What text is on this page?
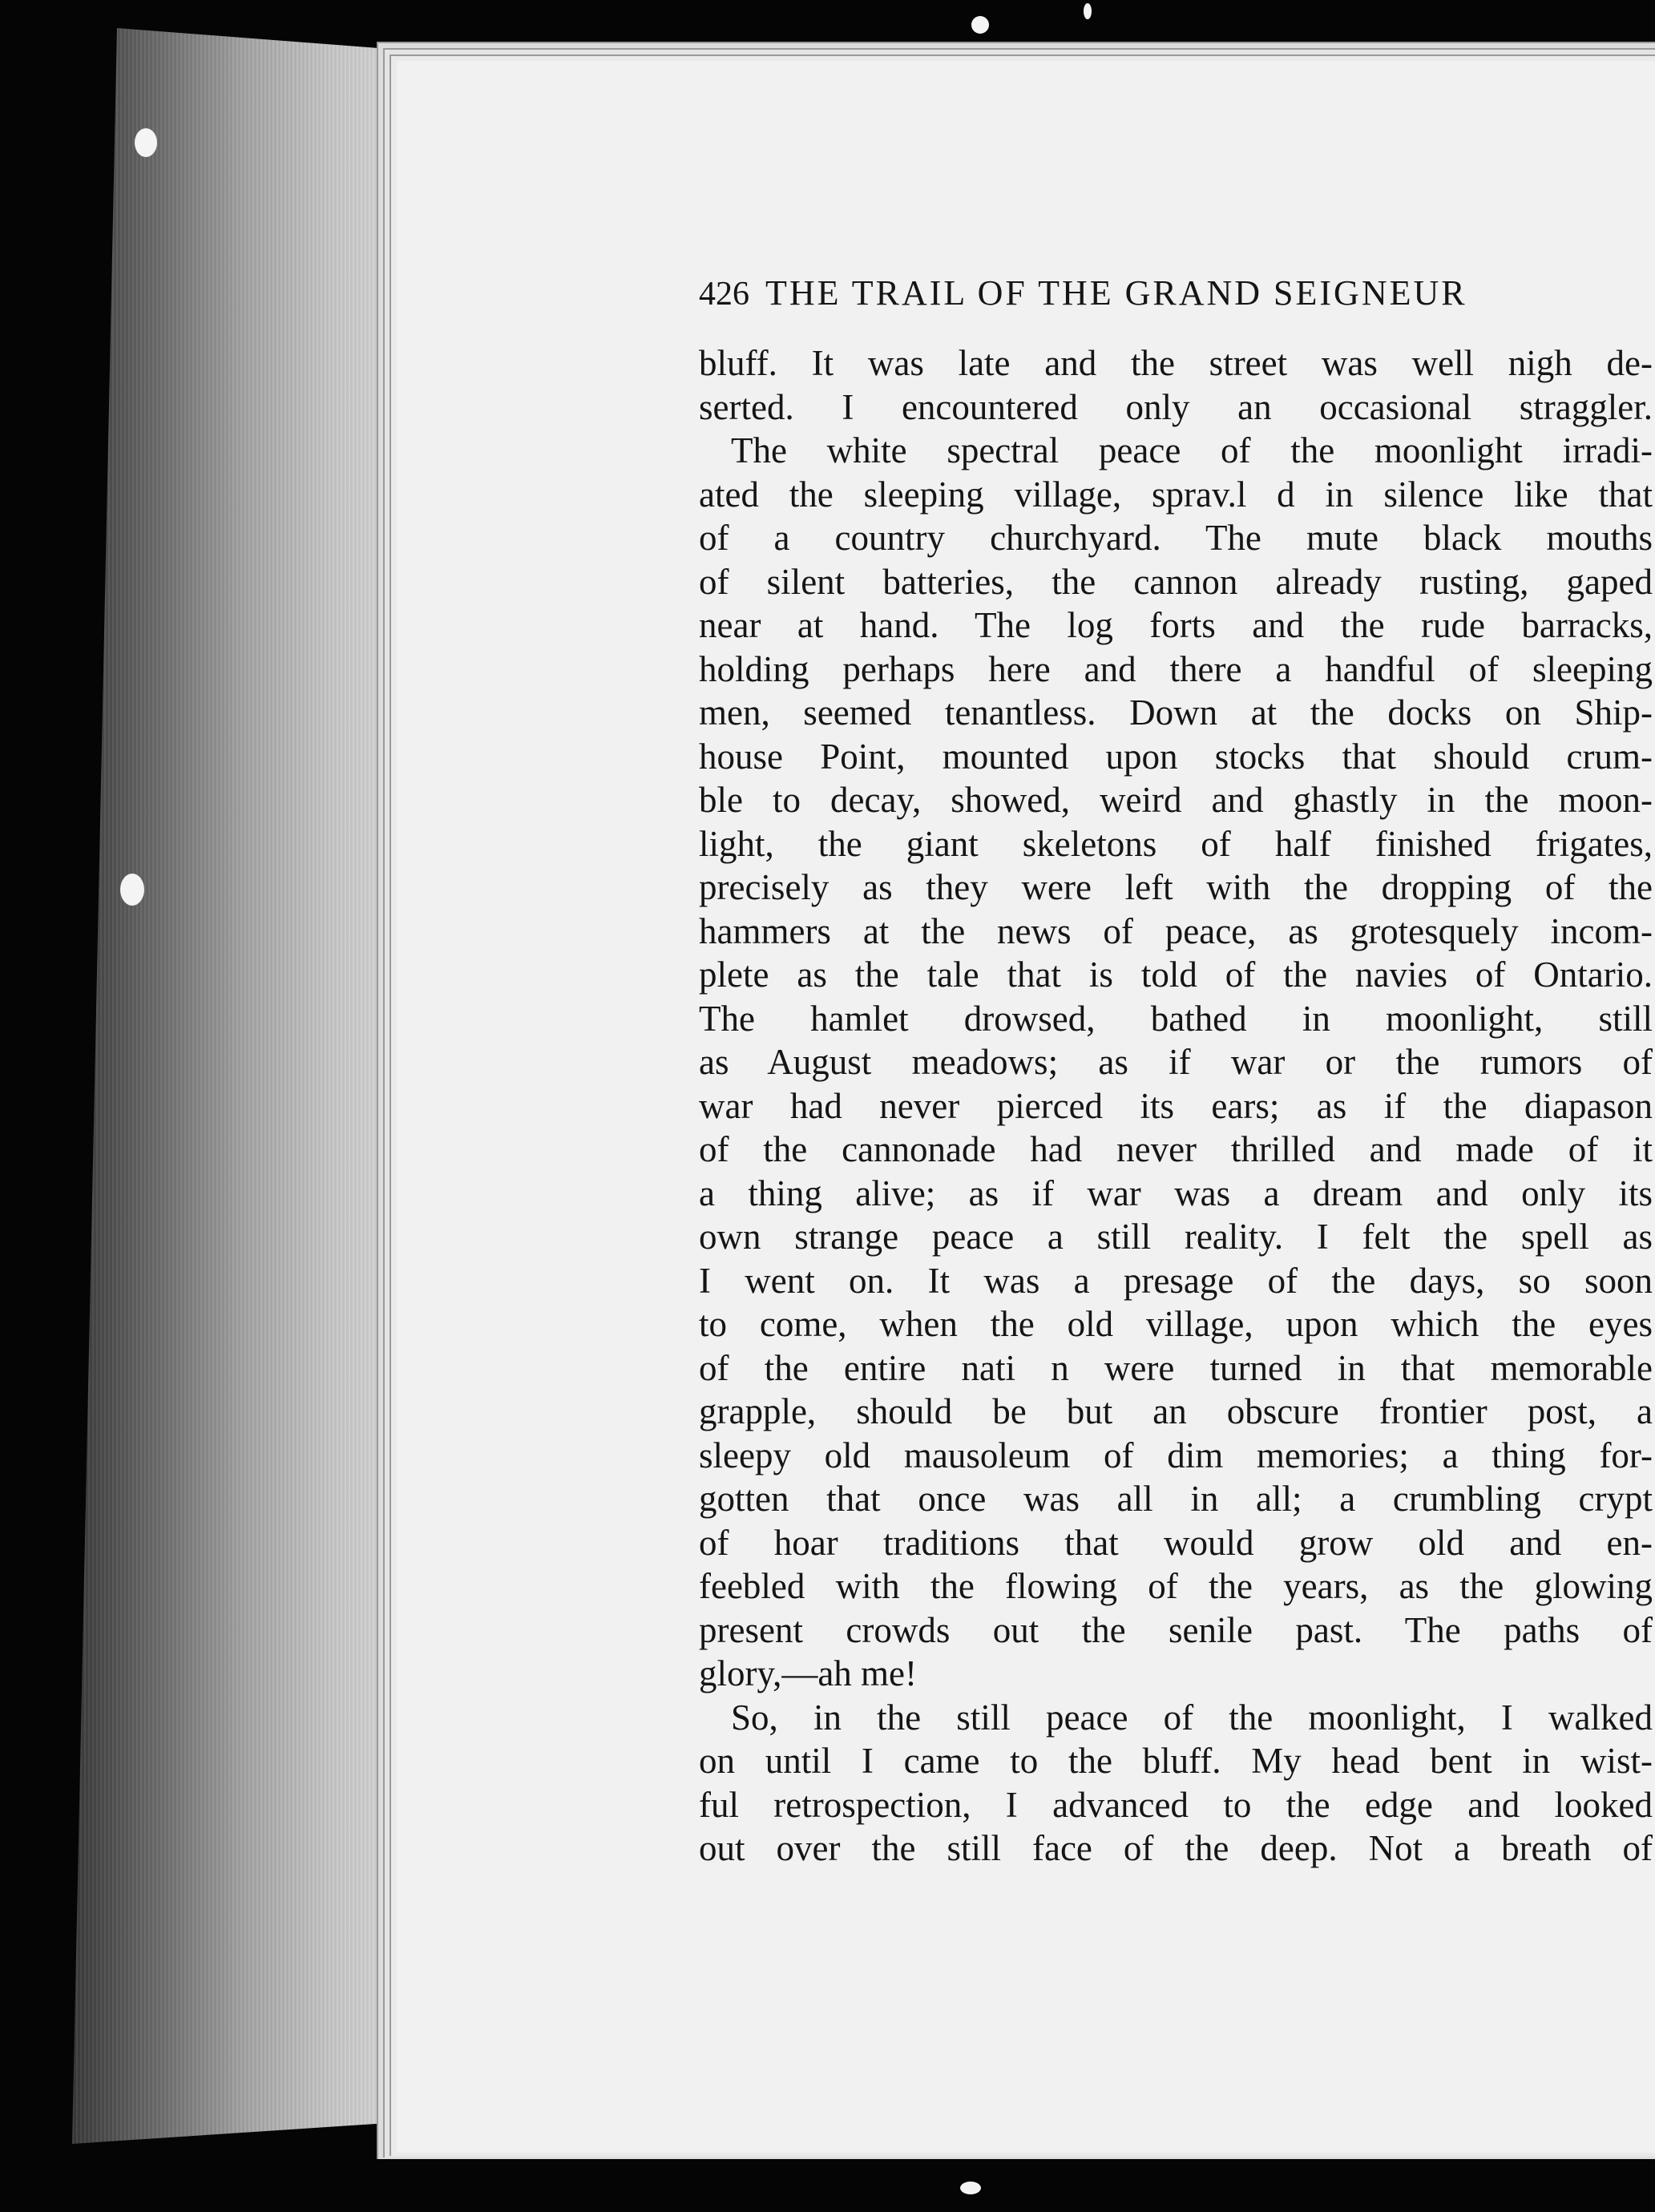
426 THE TRAIL OF THE GRAND SEIGNEUR
bluff. It was late and the street was well nigh de-
serted. I encountered only an occasional straggler.
The white spectral peace of the moonlight irradi-
ated the sleeping village, sprav.l d in silence like that
of a country churchyard. The mute black mouths
of silent batteries, the cannon already rusting, gaped
near at hand. The log forts and the rude barracks,
holding perhaps here and there a handful of sleeping
men, seemed tenantless. Down at the docks on Ship-
house Point, mounted upon stocks that should crum-
ble to decay, showed, weird and ghastly in the moon-
light, the giant skeletons of half finished frigates,
precisely as they were left with the dropping of the
hammers at the news of peace, as grotesquely incom-
plete as the tale that is told of the navies of Ontario.
The hamlet drowsed, bathed in moonlight, still
as August meadows; as if war or the rumors of
war had never pierced its ears; as if the diapason
of the cannonade had never thrilled and made of it
a thing alive; as if war was a dream and only its
own strange peace a still reality. I felt the spell as
I went on. It was a presage of the days, so soon
to come, when the old village, upon which the eyes
of the entire nati n were turned in that memorable
grapple, should be but an obscure frontier post, a
sleepy old mausoleum of dim memories; a thing for-
gotten that once was all in all; a crumbling crypt
of hoar traditions that would grow old and en-
feebled with the flowing of the years, as the glowing
present crowds out the senile past. The paths of
glory,—ah me!
So, in the still peace of the moonlight, I walked
on until I came to the bluff. My head bent in wist-
ful retrospection, I advanced to the edge and looked
out over the still face of the deep. Not a breath of
